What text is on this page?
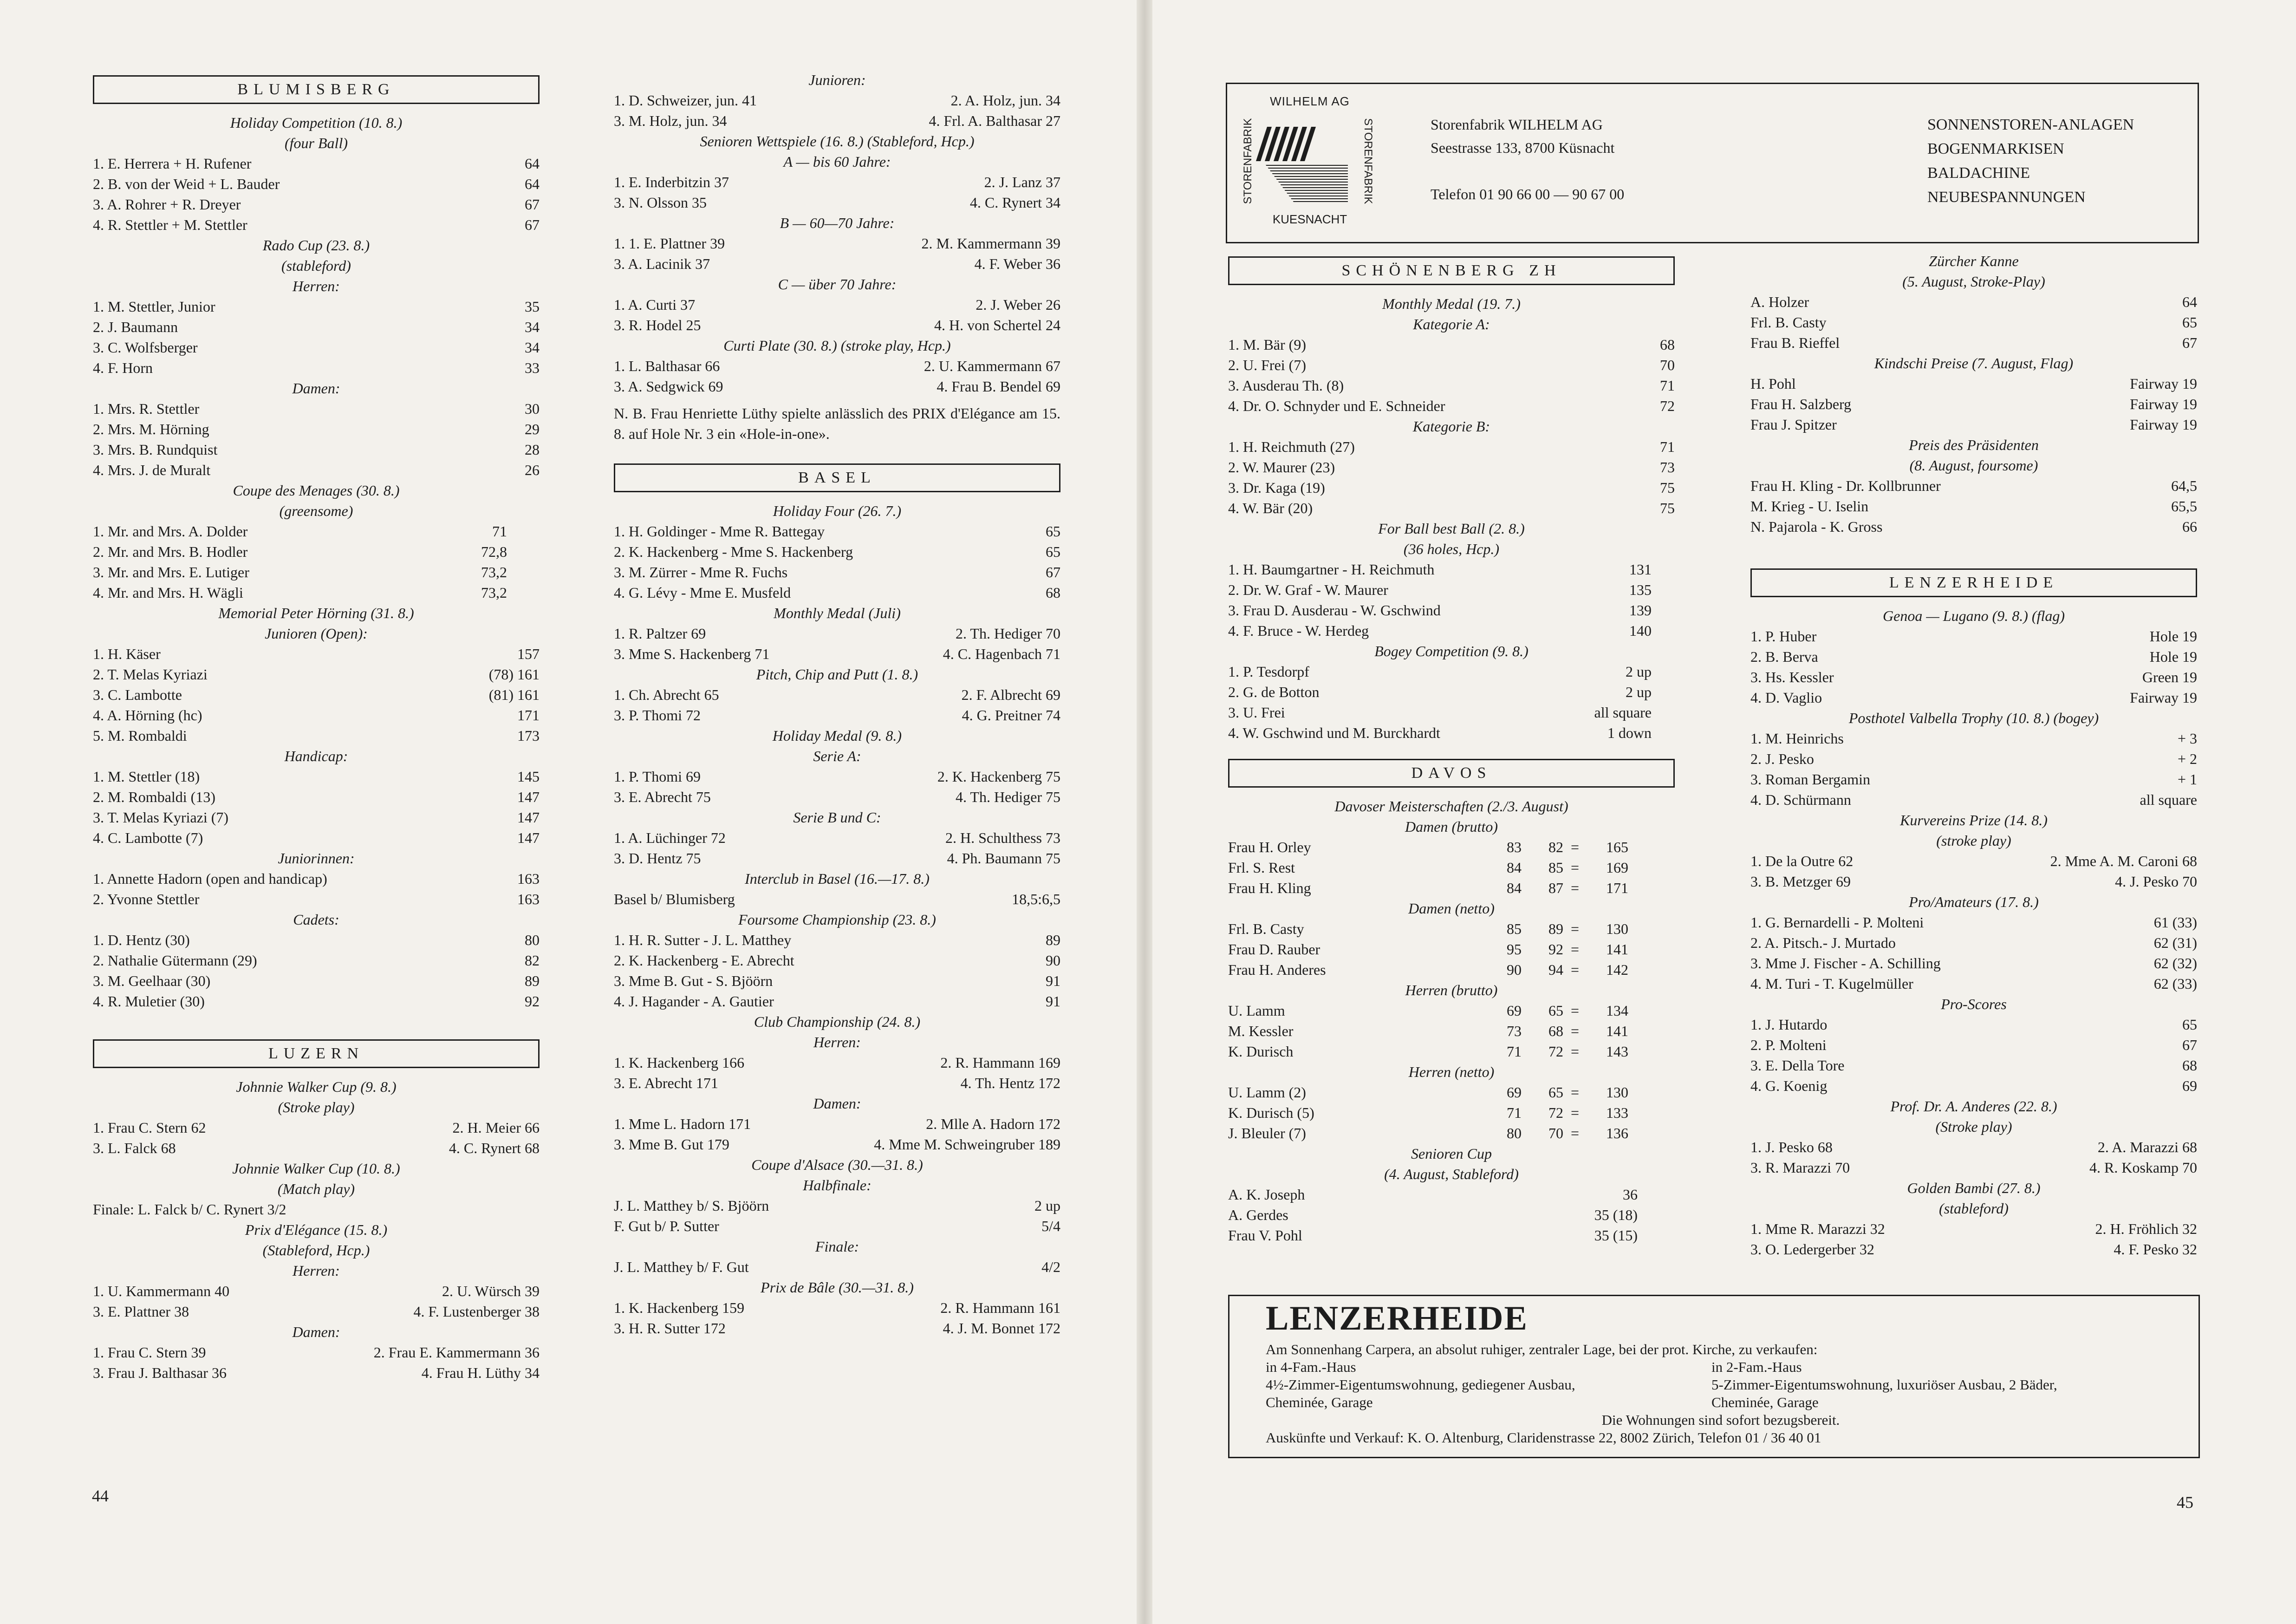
BLUMISBERG
Holiday Competition (10. 8.)
(four Ball)
1. E. Herrera + H. Rufener	64
2. B. von der Weid + L. Bauder	64
3. A. Rohrer + R. Dreyer	67
4. R. Stettler + M. Stettler	67
Rado Cup (23. 8.)
(stableford)
Herren:
1. M. Stettler, Junior	35
2. J. Baumann	34
3. C. Wolfsberger	34
4. F. Horn	33
Damen:
1. Mrs. R. Stettler	30
2. Mrs. M. Hörning	29
3. Mrs. B. Rundquist	28
4. Mrs. J. de Muralt	26
Coupe des Menages (30. 8.)
(greensome)
1. Mr. and Mrs. A. Dolder	71
2. Mr. and Mrs. B. Hodler	72,8
3. Mr. and Mrs. E. Lutiger	73,2
4. Mr. and Mrs. H. Wägli	73,2
Memorial Peter Hörning (31. 8.)
Junioren (Open):
1. H. Käser	157
2. T. Melas Kyriazi	(78) 161
3. C. Lambotte	(81) 161
4. A. Hörning (hc)	171
5. M. Rombaldi	173
Handicap:
1. M. Stettler (18)	145
2. M. Rombaldi (13)	147
3. T. Melas Kyriazi (7)	147
4. C. Lambotte (7)	147
Juniorinnen:
1. Annette Hadorn (open and handicap)	163
2. Yvonne Stettler	163
Cadets:
1. D. Hentz (30)	80
2. Nathalie Gütermann (29)	82
3. M. Geelhaar (30)	89
4. R. Muletier (30)	92
LUZERN
Johnnie Walker Cup (9. 8.)
(Stroke play)
1. Frau C. Stern 62	2. H. Meier 66
3. L. Falck 68	4. C. Rynert 68
Johnnie Walker Cup (10. 8.)
(Match play)
Finale: L. Falck b/ C. Rynert 3/2
Prix d'Elégance (15. 8.)
(Stableford, Hcp.)
Herren:
1. U. Kammermann 40	2. U. Würsch 39
3. E. Plattner 38	4. F. Lustenberger 38
Damen:
1. Frau C. Stern 39	2. Frau E. Kammermann 36
3. Frau J. Balthasar 36	4. Frau H. Lüthy 34
Junioren:
1. D. Schweizer, jun. 41	2. A. Holz, jun. 34
3. M. Holz, jun. 34	4. Frl. A. Balthasar 27
Senioren Wettspiele (16. 8.) (Stableford, Hcp.)
A — bis 60 Jahre:
1. E. Inderbitzin 37	2. J. Lanz 37
3. N. Olsson 35	4. C. Rynert 34
B — 60—70 Jahre:
1. 1. E. Plattner 39	2. M. Kammermann 39
3. A. Lacinik 37	4. F. Weber 36
C — über 70 Jahre:
1. A. Curti 37	2. J. Weber 26
3. R. Hodel 25	4. H. von Schertel 24
Curti Plate (30. 8.) (stroke play, Hcp.)
1. L. Balthasar 66	2. U. Kammermann 67
3. A. Sedgwick 69	4. Frau B. Bendel 69
N. B. Frau Henriette Lüthy spielte anlässlich des PRIX d'Elégance am 15. 8. auf Hole Nr. 3 ein «Hole-in-one».
BASEL
Holiday Four (26. 7.)
1. H. Goldinger - Mme R. Battegay	65
2. K. Hackenberg - Mme S. Hackenberg	65
3. M. Zürrer - Mme R. Fuchs	67
4. G. Lévy - Mme E. Musfeld	68
Monthly Medal (Juli)
1. R. Paltzer 69	2. Th. Hediger 70
3. Mme S. Hackenberg 71	4. C. Hagenbach 71
Pitch, Chip and Putt (1. 8.)
1. Ch. Abrecht 65	2. F. Albrecht 69
3. P. Thomi 72	4. G. Preitner 74
Holiday Medal (9. 8.)
Serie A:
1. P. Thomi 69	2. K. Hackenberg 75
3. E. Abrecht 75	4. Th. Hediger 75
Serie B und C:
1. A. Lüchinger 72	2. H. Schulthess 73
3. D. Hentz 75	4. Ph. Baumann 75
Interclub in Basel (16.—17. 8.)
Basel b/ Blumisberg	18,5:6,5
Foursome Championship (23. 8.)
1. H. R. Sutter - J. L. Matthey	89
2. K. Hackenberg - E. Abrecht	90
3. Mme B. Gut - S. Bjöörn	91
4. J. Hagander - A. Gautier	91
Club Championship (24. 8.)
Herren:
1. K. Hackenberg 166	2. R. Hammann 169
3. E. Abrecht 171	4. Th. Hentz 172
Damen:
1. Mme L. Hadorn 171	2. Mlle A. Hadorn 172
3. Mme B. Gut 179	4. Mme M. Schweingruber 189
Coupe d'Alsace (30.—31. 8.)
Halbfinale:
J. L. Matthey b/ S. Bjöörn	2 up
F. Gut b/ P. Sutter	5/4
Finale:
J. L. Matthey b/ F. Gut	4/2
Prix de Bâle (30.—31. 8.)
1. K. Hackenberg 159	2. R. Hammann 161
3. H. R. Sutter 172	4. J. M. Bonnet 172
44
WILHELM AG
STORENFABRIK	STORENFABRIK
KUESNACHT
Storenfabrik WILHELM AG
Seestrasse 133, 8700 Küsnacht
Telefon 01 90 66 00 — 90 67 00
SONNENSTOREN-ANLAGEN
BOGENMARKISEN
BALDACHINE
NEUBESPANNUNGEN
SCHÖNENBERG ZH
Monthly Medal (19. 7.)
Kategorie A:
1. M. Bär (9)	68
2. U. Frei (7)	70
3. Ausderau Th. (8)	71
4. Dr. O. Schnyder und E. Schneider	72
Kategorie B:
1. H. Reichmuth (27)	71
2. W. Maurer (23)	73
3. Dr. Kaga (19)	75
4. W. Bär (20)	75
For Ball best Ball (2. 8.)
(36 holes, Hcp.)
1. H. Baumgartner - H. Reichmuth	131
2. Dr. W. Graf - W. Maurer	135
3. Frau D. Ausderau - W. Gschwind	139
4. F. Bruce - W. Herdeg	140
Bogey Competition (9. 8.)
1. P. Tesdorpf	2 up
2. G. de Botton	2 up
3. U. Frei	all square
4. W. Gschwind und M. Burckhardt	1 down
DAVOS
Davoser Meisterschaften (2./3. August)
Damen (brutto)
Frau H. Orley	83	82 =	165
Frl. S. Rest	84	85 =	169
Frau H. Kling	84	87 =	171
Damen (netto)
Frl. B. Casty	85	89 =	130
Frau D. Rauber	95	92 =	141
Frau H. Anderes	90	94 =	142
Herren (brutto)
U. Lamm	69	65 =	134
M. Kessler	73	68 =	141
K. Durisch	71	72 =	143
Herren (netto)
U. Lamm (2)	69	65 =	130
K. Durisch (5)	71	72 =	133
J. Bleuler (7)	80	70 =	136
Senioren Cup
(4. August, Stableford)
A. K. Joseph	36
A. Gerdes	35 (18)
Frau V. Pohl	35 (15)
Zürcher Kanne
(5. August, Stroke-Play)
A. Holzer	64
Frl. B. Casty	65
Frau B. Rieffel	67
Kindschi Preise (7. August, Flag)
H. Pohl	Fairway 19
Frau H. Salzberg	Fairway 19
Frau J. Spitzer	Fairway 19
Preis des Präsidenten
(8. August, foursome)
Frau H. Kling - Dr. Kollbrunner	64,5
M. Krieg - U. Iselin	65,5
N. Pajarola - K. Gross	66
LENZERHEIDE
Genoa — Lugano (9. 8.) (flag)
1. P. Huber	Hole 19
2. B. Berva	Hole 19
3. Hs. Kessler	Green 19
4. D. Vaglio	Fairway 19
Posthotel Valbella Trophy (10. 8.) (bogey)
1. M. Heinrichs	+ 3
2. J. Pesko	+ 2
3. Roman Bergamin	+ 1
4. D. Schürmann	all square
Kurvereins Prize (14. 8.)
(stroke play)
1. De la Outre 62	2. Mme A. M. Caroni 68
3. B. Metzger 69	4. J. Pesko 70
Pro/Amateurs (17. 8.)
1. G. Bernardelli - P. Molteni	61 (33)
2. A. Pitsch.- J. Murtado	62 (31)
3. Mme J. Fischer - A. Schilling	62 (32)
4. M. Turi - T. Kugelmüller	62 (33)
Pro-Scores
1. J. Hutardo	65
2. P. Molteni	67
3. E. Della Tore	68
4. G. Koenig	69
Prof. Dr. A. Anderes (22. 8.)
(Stroke play)
1. J. Pesko 68	2. A. Marazzi 68
3. R. Marazzi 70	4. R. Koskamp 70
Golden Bambi (27. 8.)
(stableford)
1. Mme R. Marazzi 32	2. H. Fröhlich 32
3. O. Ledergerber 32	4. F. Pesko 32
LENZERHEIDE
Am Sonnenhang Carpera, an absolut ruhiger, zentraler Lage, bei der prot. Kirche, zu verkaufen:
in 4-Fam.-Haus
4½-Zimmer-Eigentumswohnung, gediegener Ausbau,
Cheminée, Garage
in 2-Fam.-Haus
5-Zimmer-Eigentumswohnung, luxuriöser Ausbau, 2 Bäder,
Cheminée, Garage
Die Wohnungen sind sofort bezugsbereit.
Auskünfte und Verkauf: K. O. Altenburg, Claridenstrasse 22, 8002 Zürich, Telefon 01 / 36 40 01
45
